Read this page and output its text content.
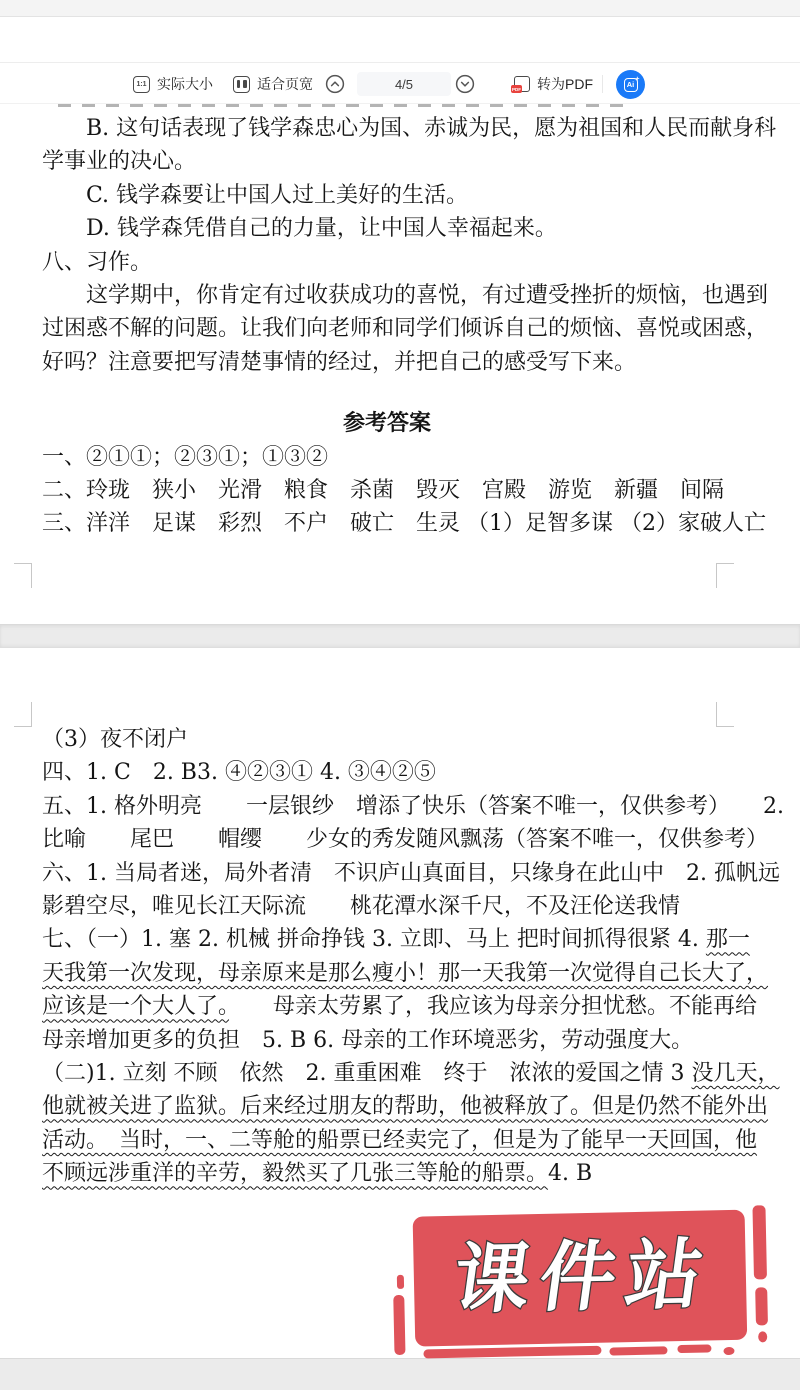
1:1 实际大小	适合页宽	4/5	PDF 转为PDF	Ai
+
B. 这句话表现了钱学森忠心为国、赤诚为民，愿为祖国和人民而献身科
学事业的决心。
C. 钱学森要让中国人过上美好的生活。
D. 钱学森凭借自己的力量，让中国人幸福起来。
八、习作。
这学期中，你肯定有过收获成功的喜悦，有过遭受挫折的烦恼，也遇到
过困惑不解的问题。让我们向老师和同学们倾诉自己的烦恼、喜悦或困惑，
好吗？注意要把写清楚事情的经过，并把自己的感受写下来。
参考答案
一、②①①；②③①；①③②
二、玲珑　狭小　光滑　粮食　杀菌　毁灭　宫殿　游览　新疆　间隔
三、洋洋　足谋　彩烈　不户　破亡　生灵 （1）足智多谋 （2）家破人亡
（3）夜不闭户
四、1. C　2. B3. ④②③① 4. ③④②⑤
五、1. 格外明亮　　一层银纱　增添了快乐（答案不唯一，仅供参考）　　2.
比喻　　尾巴　　帽缨　　少女的秀发随风飘荡（答案不唯一，仅供参考）
六、1. 当局者迷，局外者清　不识庐山真面目，只缘身在此山中　2. 孤帆远
影碧空尽，唯见长江天际流　　桃花潭水深千尺，不及汪伦送我情
七、（一）1. 塞 2. 机械 拼命挣钱 3. 立即、马上 把时间抓得很紧 4. 那一
天我第一次发现，母亲原来是那么瘦小！那一天我第一次觉得自己长大了，
应该是一个大人了。　　母亲太劳累了，我应该为母亲分担忧愁。不能再给
母亲增加更多的负担　5. B 6. 母亲的工作环境恶劣，劳动强度大。
（二)1. 立刻 不顾　依然　2. 重重困难　终于　浓浓的爱国之情 3 没几天，
他就被关进了监狱。后来经过朋友的帮助，他被释放了。但是仍然不能外出
活动。　当时，一、二等舱的船票已经卖完了，但是为了能早一天回国，他
不顾远涉重洋的辛劳，毅然买了几张三等舱的船票。4. B
课件站
